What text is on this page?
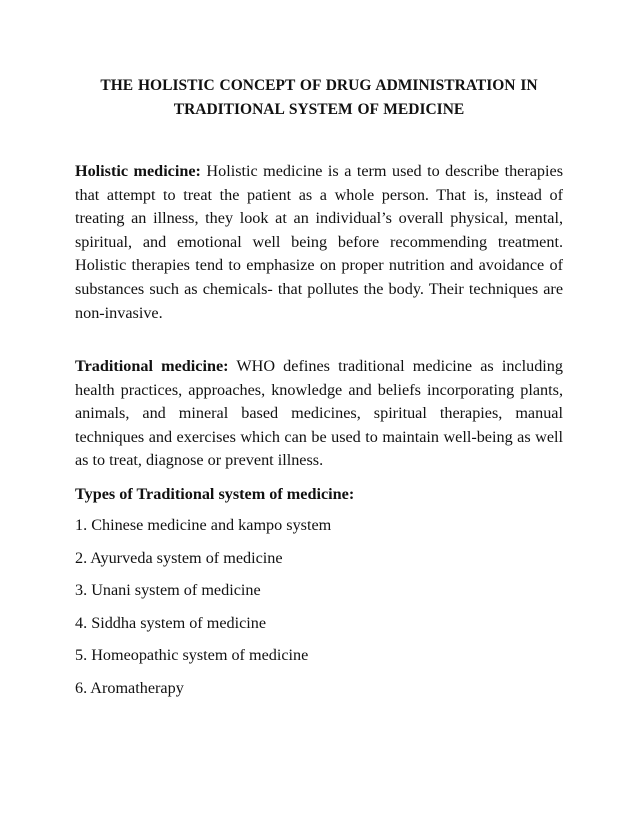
THE HOLISTIC CONCEPT OF DRUG ADMINISTRATION IN
TRADITIONAL SYSTEM OF MEDICINE

Holistic medicine: Holistic medicine is a term used to describe therapies that attempt to treat the patient as a whole person. That is, instead of treating an illness, they look at an individual’s overall physical, mental, spiritual, and emotional well being before recommending treatment. Holistic therapies tend to emphasize on proper nutrition and avoidance of substances such as chemicals- that pollutes the body. Their techniques are non-invasive.

Traditional medicine: WHO defines traditional medicine as including health practices, approaches, knowledge and beliefs incorporating plants, animals, and mineral based medicines, spiritual therapies, manual techniques and exercises which can be used to maintain well-being as well as to treat, diagnose or prevent illness.

Types of Traditional system of medicine:
1. Chinese medicine and kampo system
2. Ayurveda system of medicine
3. Unani system of medicine
4. Siddha system of medicine
5. Homeopathic system of medicine
6. Aromatherapy
